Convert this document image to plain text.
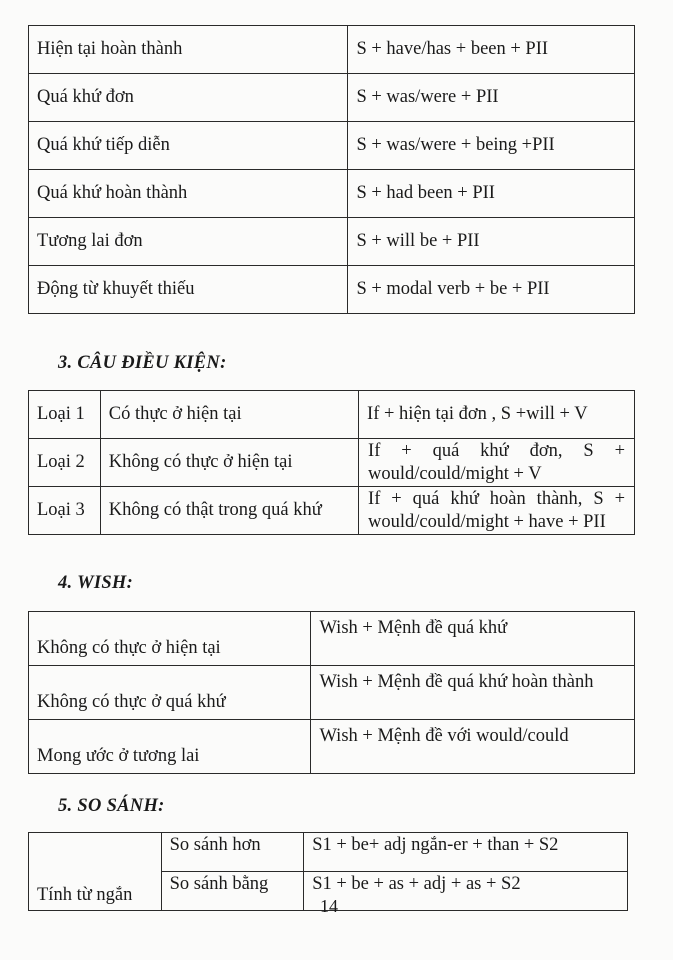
Hiện tại hoàn thành	S + have/has + been + PII
Quá khứ đơn	S + was/were + PII
Quá khứ tiếp diễn	S + was/were + being +PII
Quá khứ hoàn thành	S + had been + PII
Tương lai đơn	S + will be + PII
Động từ khuyết thiếu	S + modal verb + be + PII
3. CÂU ĐIỀU KIỆN:
Loại 1	Có thực ở hiện tại	If + hiện tại đơn , S +will + V
Loại 2	Không có thực ở hiện tại	If + quá khứ đơn, S +
would/could/might + V

Loại 3	Không có thật trong quá khứ	If + quá khứ hoàn thành, S +
would/could/might + have + PII
4. WISH:
Không có thực ở hiện tại	Wish + Mệnh đề quá khứ
Không có thực ở quá khứ	Wish + Mệnh đề quá khứ hoàn thành
Mong ước ở tương lai	Wish + Mệnh đề với would/could
5. SO SÁNH:
Tính từ ngắn	So sánh hơn	S1 + be+ adj ngắn-er + than + S2
	So sánh bằng	S1 + be + as + adj + as + S2
14
